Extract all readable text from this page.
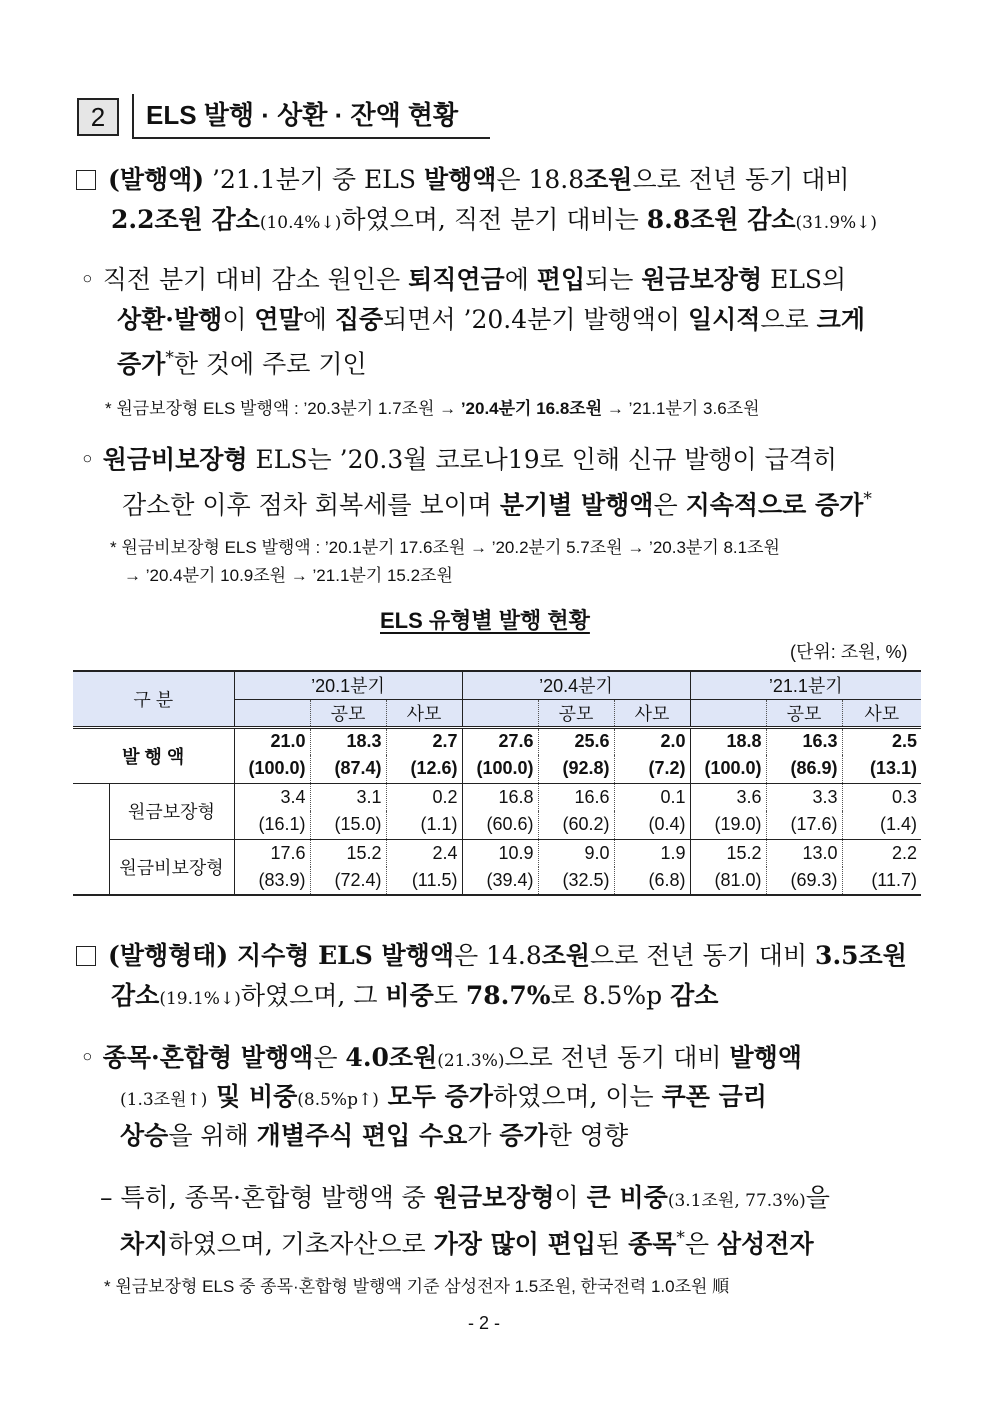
2	ELS 발행 · 상환 · 잔액 현황
(발행액) ’21.1분기 중 ELS 발행액은 18.8조원으로 전년 동기 대비
2.2조원 감소(10.4%↓)하였으며, 직전 분기 대비는 8.8조원 감소(31.9%↓)
◦ 직전 분기 대비 감소 원인은 퇴직연금에 편입되는 원금보장형 ELS의
상환·발행이 연말에 집중되면서 ’20.4분기 발행액이 일시적으로 크게
증가*한 것에 주로 기인
* 원금보장형 ELS 발행액 : ’20.3분기 1.7조원 → ’20.4분기 16.8조원 → ’21.1분기 3.6조원
◦ 원금비보장형 ELS는 ’20.3월 코로나19로 인해 신규 발행이 급격히
감소한 이후 점차 회복세를 보이며 분기별 발행액은 지속적으로 증가*
* 원금비보장형 ELS 발행액 : ’20.1분기 17.6조원 → ’20.2분기 5.7조원 → ’20.3분기 8.1조원
→ ’20.4분기 10.9조원 → ’21.1분기 15.2조원
ELS 유형별 발행 현황
(단위: 조원, %)
구 분		’20.1분기			’20.4분기			’21.1분기		
			공모	사모		공모	사모		공모	사모
발 행 액		21.0	18.3	2.7	27.6	25.6	2.0	18.8	16.3	2.5
		(100.0)	(87.4)	(12.6)	(100.0)	(92.8)	(7.2)	(100.0)	(86.9)	(13.1)
	원금보장형	3.4	3.1	0.2	16.8	16.6	0.1	3.6	3.3	0.3
		(16.1)	(15.0)	(1.1)	(60.6)	(60.2)	(0.4)	(19.0)	(17.6)	(1.4)
	원금비보장형	17.6	15.2	2.4	10.9	9.0	1.9	15.2	13.0	2.2
		(83.9)	(72.4)	(11.5)	(39.4)	(32.5)	(6.8)	(81.0)	(69.3)	(11.7)
(발행형태) 지수형 ELS 발행액은 14.8조원으로 전년 동기 대비 3.5조원
감소(19.1%↓)하였으며, 그 비중도 78.7%로 8.5%p 감소
◦ 종목·혼합형 발행액은 4.0조원(21.3%)으로 전년 동기 대비 발행액
(1.3조원↑) 및 비중(8.5%p↑) 모두 증가하였으며, 이는 쿠폰 금리
상승을 위해 개별주식 편입 수요가 증가한 영향
– 특히, 종목·혼합형 발행액 중 원금보장형이 큰 비중(3.1조원, 77.3%)을
차지하였으며, 기초자산으로 가장 많이 편입된 종목*은 삼성전자
* 원금보장형 ELS 중 종목·혼합형 발행액 기준 삼성전자 1.5조원, 한국전력 1.0조원 順
- 2 -
